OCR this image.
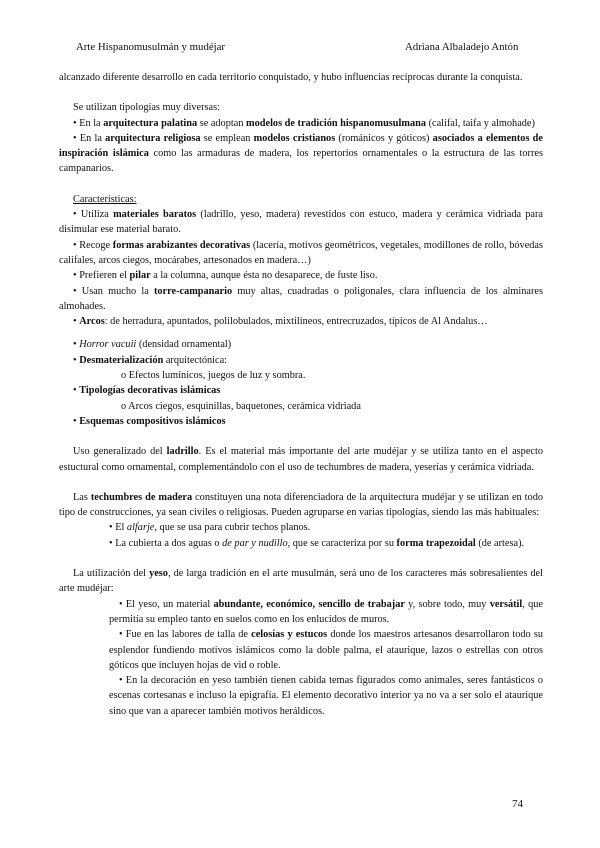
Arte Hispanomusulmán y mudéjar	Adriana Albaladejo Antón

alcanzado diferente desarrollo en cada territorio conquistado, y hubo influencias recíprocas durante la conquista.

Se utilizan tipologías muy diversas:

• En la arquitectura palatina se adoptan modelos de tradición hispanomusulmana (califal, taifa y almohade)

• En la arquitectura religiosa se emplean modelos cristianos (románicos y góticos) asociados a elementos de inspiración islámica como las armaduras de madera, los repertorios ornamentales o la estructura de las torres campanarios.

Características:

• Utiliza materiales baratos (ladrillo, yeso, madera) revestidos con estuco, madera y cerámica vidriada para disimular ese material barato.

• Recoge formas arabizantes decorativas (lacería, motivos geométricos, vegetales, modillones de rollo, bóvedas califales, arcos ciegos, mocárabes, artesonados en madera…)

• Prefieren el pilar a la columna, aunque ésta no desaparece, de fuste liso.

• Usan mucho la torre-campanario muy altas, cuadradas o poligonales, clara influencia de los alminares almohades.

• Arcos: de herradura, apuntados, polilobulados, mixtilíneos, entrecruzados, típicos de Al Andalus…

• Horror vacuii (densidad ornamental)

• Desmaterialización arquitectónica:

o Efectos lumínicos, juegos de luz y sombra.

• Tipologías decorativas islámicas

o Arcos ciegos, esquinillas, baquetones, cerámica vidriada

• Esquemas compositivos islámicos

Uso generalizado del ladrillo. Es el material más importante del arte mudéjar y se utiliza tanto en el aspecto estuctural como ornamental, complementándolo con el uso de techumbres de madera, yeserías y cerámica vidriada.

Las techumbres de madera constituyen una nota diferenciadora de la arquitectura mudéjar y se utilizan en todo tipo de construcciones, ya sean civiles o religiosas. Pueden agruparse en varias tipologías, siendo las más habituales:

• El alfarje, que se usa para cubrir techos planos.

• La cubierta a dos aguas o de par y nudillo, que se caracteriza por su forma trapezoidal (de artesa).

La utilización del yeso, de larga tradición en el arte musulmán, será uno de los caracteres más sobresalientes del arte mudéjar:

• El yeso, un material abundante, económico, sencillo de trabajar y, sobre todo, muy versátil, que permitía su empleo tanto en suelos como en los enlucidos de muros.

• Fue en las labores de talla de celosías y estucos donde los maestros artesanos desarrollaron todo su esplendor fundiendo motivos islámicos como la doble palma, el ataurique, lazos o estrellas con otros góticos que incluyen hojas de vid o roble.

• En la decoración en yeso también tienen cabida temas figurados como animales, seres fantásticos o escenas cortesanas e incluso la epigrafía. El elemento decorativo interior ya no va a ser solo el ataurique sino que van a aparecer también motivos heráldicos.

74
